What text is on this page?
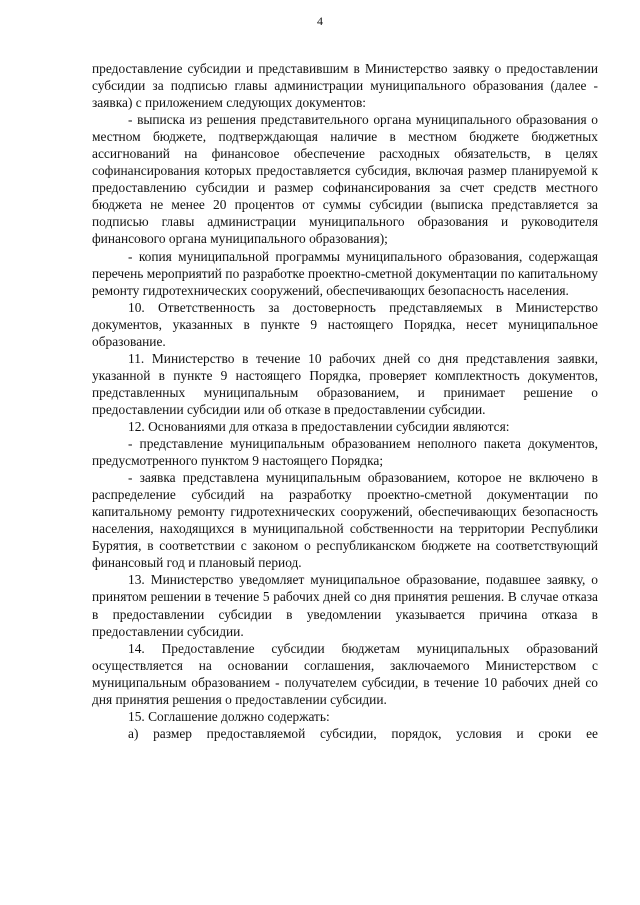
4

предоставление субсидии и представившим в Министерство заявку о предоставлении субсидии за подписью главы администрации муниципального образования (далее - заявка) с приложением следующих документов:

- выписка из решения представительного органа муниципального образования о местном бюджете, подтверждающая наличие в местном бюджете бюджетных ассигнований на финансовое обеспечение расходных обязательств, в целях софинансирования которых предоставляется субсидия, включая размер планируемой к предоставлению субсидии и размер софинансирования за счет средств местного бюджета не менее 20 процентов от суммы субсидии (выписка представляется за подписью главы администрации муниципального образования и руководителя финансового органа муниципального образования);

- копия муниципальной программы муниципального образования, содержащая перечень мероприятий по разработке проектно-сметной документации по капитальному ремонту гидротехнических сооружений, обеспечивающих безопасность населения.

10. Ответственность за достоверность представляемых в Министерство документов, указанных в пункте 9 настоящего Порядка, несет муниципальное образование.

11. Министерство в течение 10 рабочих дней со дня представления заявки, указанной в пункте 9 настоящего Порядка, проверяет комплектность документов, представленных муниципальным образованием, и принимает решение о предоставлении субсидии или об отказе в предоставлении субсидии.

12. Основаниями для отказа в предоставлении субсидии являются:

- представление муниципальным образованием неполного пакета документов, предусмотренного пунктом 9 настоящего Порядка;

- заявка представлена муниципальным образованием, которое не включено в распределение субсидий на разработку проектно-сметной документации по капитальному ремонту гидротехнических сооружений, обеспечивающих безопасность населения, находящихся в муниципальной собственности на территории Республики Бурятия, в соответствии с законом о республиканском бюджете на соответствующий финансовый год и плановый период.

13. Министерство уведомляет муниципальное образование, подавшее заявку, о принятом решении в течение 5 рабочих дней со дня принятия решения. В случае отказа в предоставлении субсидии в уведомлении указывается причина отказа в предоставлении субсидии.

14. Предоставление субсидии бюджетам муниципальных образований осуществляется на основании соглашения, заключаемого Министерством с муниципальным образованием - получателем субсидии, в течение 10 рабочих дней со дня принятия решения о предоставлении субсидии.

15. Соглашение должно содержать:

а) размер предоставляемой субсидии, порядок, условия и сроки ее
